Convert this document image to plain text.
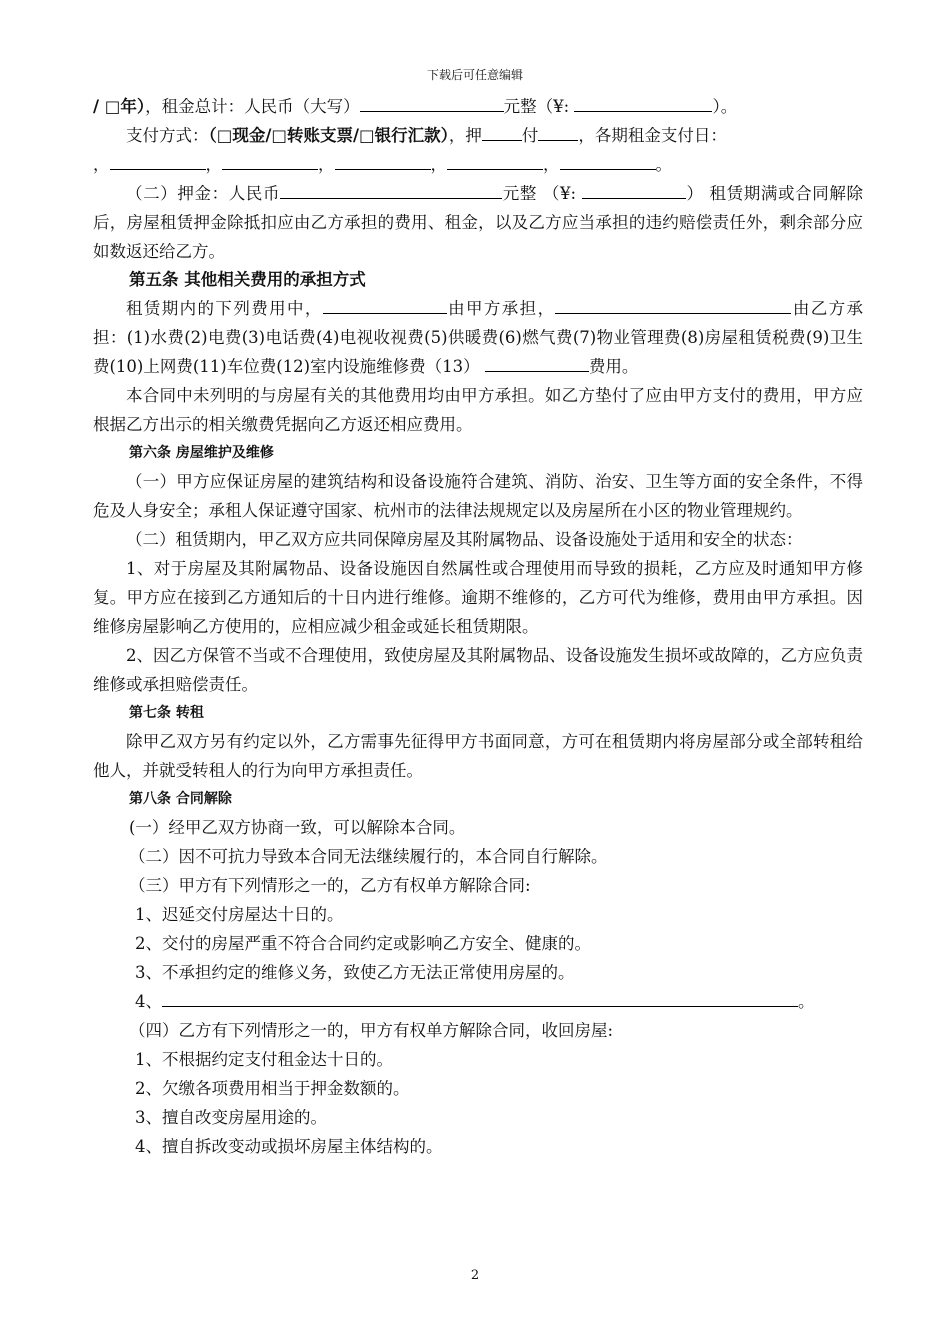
下载后可任意编辑

/ □年），租金总计：人民币（大写）	元整（¥:	）。

支付方式：（□现金/□转账支票/□银行汇款），押 付 ，各期租金支付日：

，	，	，	，	，	。

（二）押金：人民币	元整 （¥:	） 租赁期满或合同解除后，房屋租赁押金除抵扣应由乙方承担的费用、租金，以及乙方应当承担的违约赔偿责任外，剩余部分应如数返还给乙方。

第五条 其他相关费用的承担方式

租赁期内的下列费用中，	由甲方承担，	由乙方承担：(1)水费(2)电费(3)电话费(4)电视收视费(5)供暖费(6)燃气费(7)物业管理费(8)房屋租赁税费(9)卫生费(10)上网费(11)车位费(12)室内设施维修费（13）	费用。

本合同中未列明的与房屋有关的其他费用均由甲方承担。如乙方垫付了应由甲方支付的费用，甲方应根据乙方出示的相关缴费凭据向乙方返还相应费用。

第六条 房屋维护及维修

（一）甲方应保证房屋的建筑结构和设备设施符合建筑、消防、治安、卫生等方面的安全条件，不得危及人身安全；承租人保证遵守国家、杭州市的法律法规规定以及房屋所在小区的物业管理规约。

（二）租赁期内，甲乙双方应共同保障房屋及其附属物品、设备设施处于适用和安全的状态：

1、对于房屋及其附属物品、设备设施因自然属性或合理使用而导致的损耗，乙方应及时通知甲方修复。甲方应在接到乙方通知后的十日内进行维修。逾期不维修的，乙方可代为维修，费用由甲方承担。因维修房屋影响乙方使用的，应相应减少租金或延长租赁期限。

2、因乙方保管不当或不合理使用，致使房屋及其附属物品、设备设施发生损坏或故障的，乙方应负责维修或承担赔偿责任。

第七条 转租

除甲乙双方另有约定以外，乙方需事先征得甲方书面同意，方可在租赁期内将房屋部分或全部转租给他人，并就受转租人的行为向甲方承担责任。

第八条 合同解除

(一）经甲乙双方协商一致，可以解除本合同。

（二）因不可抗力导致本合同无法继续履行的，本合同自行解除。

（三）甲方有下列情形之一的，乙方有权单方解除合同:

1、迟延交付房屋达十日的。

2、交付的房屋严重不符合合同约定或影响乙方安全、健康的。

3、不承担约定的维修义务，致使乙方无法正常使用房屋的。

4、	。

（四）乙方有下列情形之一的，甲方有权单方解除合同，收回房屋:

1、不根据约定支付租金达十日的。

2、欠缴各项费用相当于押金数额的。

3、擅自改变房屋用途的。

4、擅自拆改变动或损坏房屋主体结构的。

2
